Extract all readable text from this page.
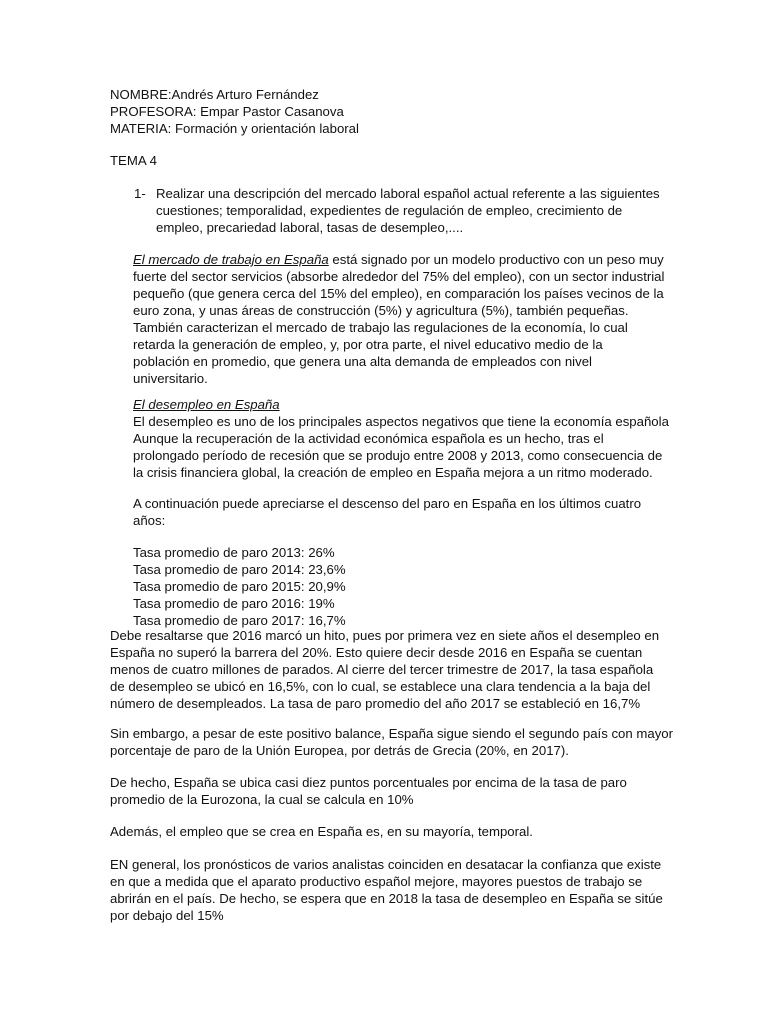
NOMBRE:Andrés Arturo Fernández
PROFESORA: Empar Pastor Casanova
MATERIA: Formación y orientación laboral
TEMA 4
1- Realizar una descripción del mercado laboral español actual referente a las siguientes
cuestiones; temporalidad, expedientes de regulación de empleo, crecimiento de
empleo, precariedad laboral, tasas de desempleo,....
El mercado de trabajo en España está signado por un modelo productivo con un peso muy
fuerte del sector servicios (absorbe alrededor del 75% del empleo), con un sector industrial
pequeño (que genera cerca del 15% del empleo), en comparación los países vecinos de la
euro zona, y unas áreas de construcción (5%) y agricultura (5%), también pequeñas.
También caracterizan el mercado de trabajo las regulaciones de la economía, lo cual
retarda la generación de empleo, y, por otra parte, el nivel educativo medio de la
población en promedio, que genera una alta demanda de empleados con nivel
universitario.
El desempleo en España
El desempleo es uno de los principales aspectos negativos que tiene la economía española
Aunque la recuperación de la actividad económica española es un hecho, tras el
prolongado período de recesión que se produjo entre 2008 y 2013, como consecuencia de
la crisis financiera global, la creación de empleo en España mejora a un ritmo moderado.
A continuación puede apreciarse el descenso del paro en España en los últimos cuatro
años:
Tasa promedio de paro 2013: 26%
Tasa promedio de paro 2014: 23,6%
Tasa promedio de paro 2015: 20,9%
Tasa promedio de paro 2016: 19%
Tasa promedio de paro 2017: 16,7%
Debe resaltarse que 2016 marcó un hito, pues por primera vez en siete años el desempleo en
España no superó la barrera del 20%. Esto quiere decir desde 2016 en España se cuentan
menos de cuatro millones de parados. Al cierre del tercer trimestre de 2017, la tasa española
de desempleo se ubicó en 16,5%, con lo cual, se establece una clara tendencia a la baja del
número de desempleados. La tasa de paro promedio del año 2017 se estableció en 16,7%
Sin embargo, a pesar de este positivo balance, España sigue siendo el segundo país con mayor
porcentaje de paro de la Unión Europea, por detrás de Grecia (20%, en 2017).
De hecho, España se ubica casi diez puntos porcentuales por encima de la tasa de paro
promedio de la Eurozona, la cual se calcula en 10%
Además, el empleo que se crea en España es, en su mayoría, temporal.
EN general, los pronósticos de varios analistas coinciden en desatacar la confianza que existe
en que a medida que el aparato productivo español mejore, mayores puestos de trabajo se
abrirán en el país. De hecho, se espera que en 2018 la tasa de desempleo en España se sitúe
por debajo del 15%
